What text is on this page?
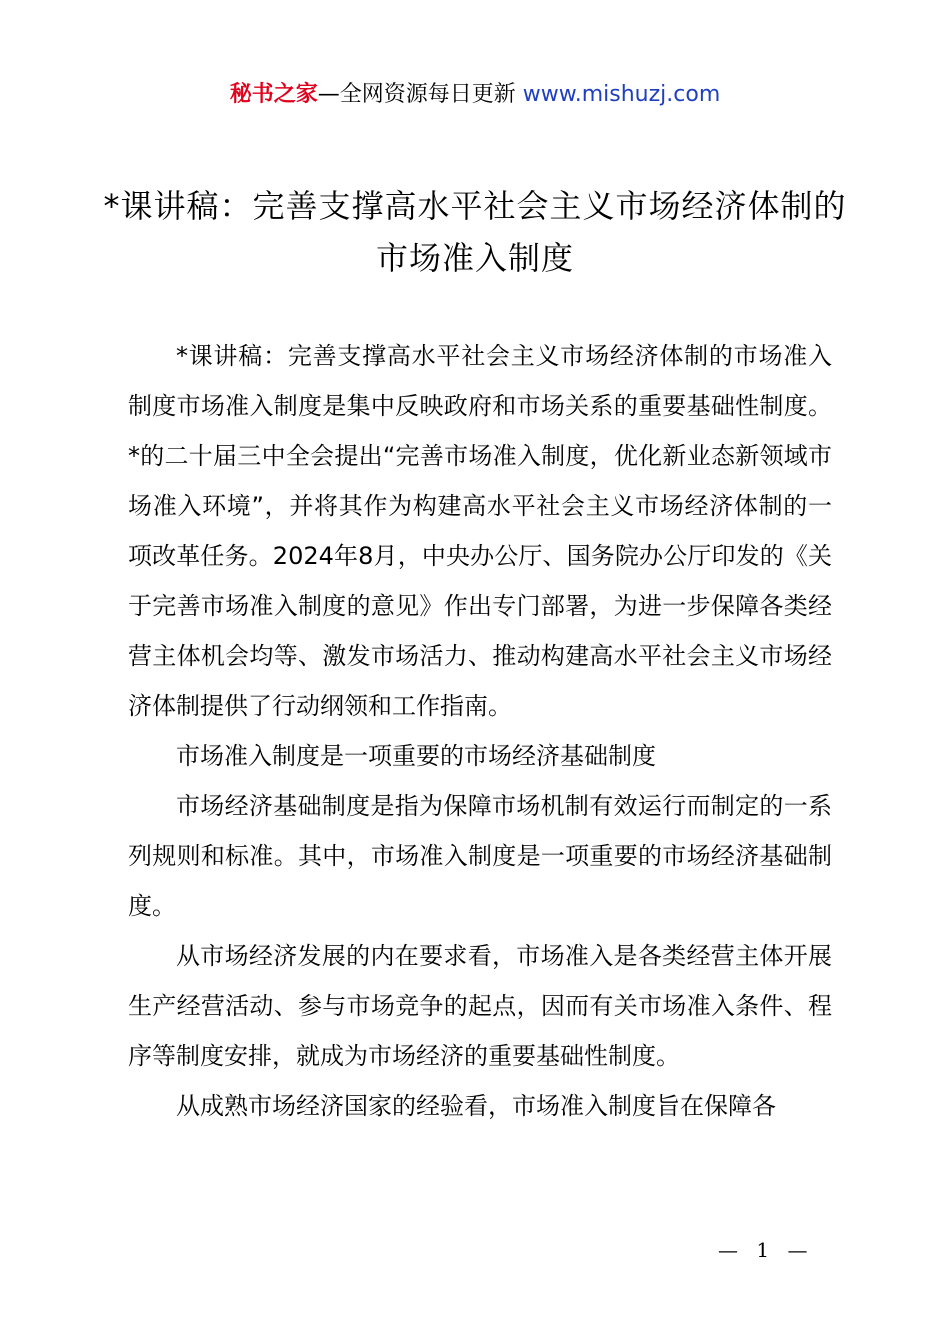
秘书之家—全网资源每日更新 www.mishuzj.com
*课讲稿：完善支撑高水平社会主义市场经济体制的市场准入制度

*课讲稿：完善支撑高水平社会主义市场经济体制的市场准入制度市场准入制度是集中反映政府和市场关系的重要基础性制度。*的二十届三中全会提出“完善市场准入制度，优化新业态新领域市场准入环境”，并将其作为构建高水平社会主义市场经济体制的一项改革任务。2024年8月，中央办公厅、国务院办公厅印发的《关于完善市场准入制度的意见》作出专门部署，为进一步保障各类经营主体机会均等、激发市场活力、推动构建高水平社会主义市场经济体制提供了行动纲领和工作指南。

市场准入制度是一项重要的市场经济基础制度

市场经济基础制度是指为保障市场机制有效运行而制定的一系列规则和标准。其中，市场准入制度是一项重要的市场经济基础制度。

从市场经济发展的内在要求看，市场准入是各类经营主体开展生产经营活动、参与市场竞争的起点，因而有关市场准入条件、程序等制度安排，就成为市场经济的重要基础性制度。

从成熟市场经济国家的经验看，市场准入制度旨在保障各

— 1 —
